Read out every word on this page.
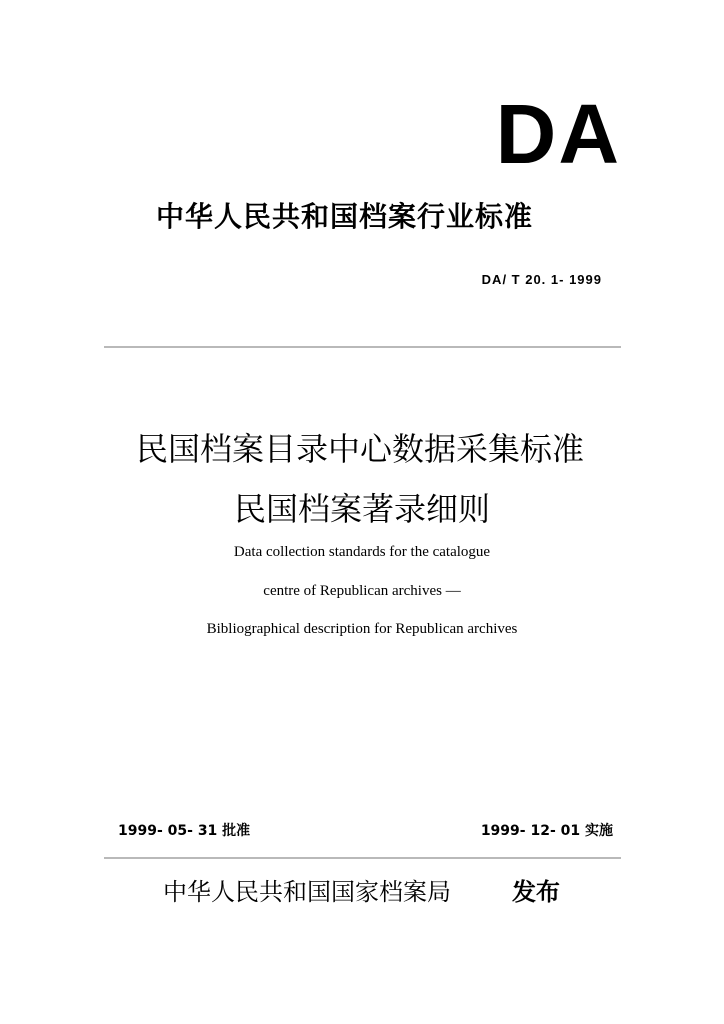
DA
中华人民共和国档案行业标准
DA/ T 20. 1- 1999
民国档案目录中心数据采集标准
民国档案著录细则
Data collection standards for the catalogue
centre of Republican archives —
Bibliographical description for Republican archives
1999- 05- 31 批准	1999- 12- 01 实施
中华人民共和国国家档案局	发布
